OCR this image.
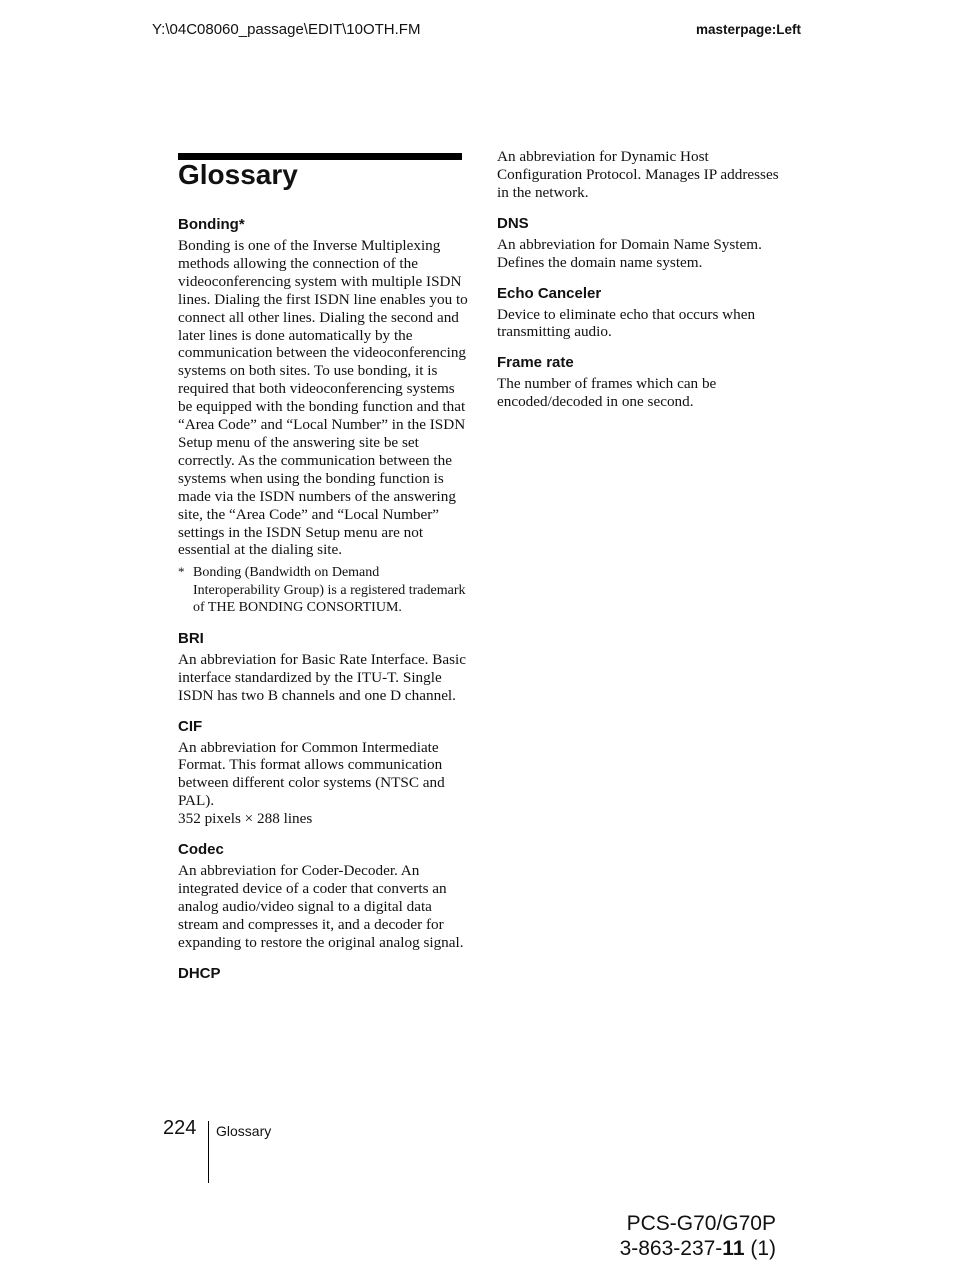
Y:\04C08060_passage\EDIT\10OTH.FM	masterpage:Left
Glossary
Bonding*

Bonding is one of the Inverse Multiplexing methods allowing the connection of the videoconferencing system with multiple ISDN lines. Dialing the first ISDN line enables you to connect all other lines. Dialing the second and later lines is done automatically by the communication between the videoconferencing systems on both sites. To use bonding, it is required that both videoconferencing systems be equipped with the bonding function and that “Area Code” and “Local Number” in the ISDN Setup menu of the answering site be set correctly. As the communication between the systems when using the bonding function is made via the ISDN numbers of the answering site, the “Area Code” and “Local Number” settings in the ISDN Setup menu are not essential at the dialing site.

* Bonding (Bandwidth on Demand Interoperability Group) is a registered trademark of THE BONDING CONSORTIUM.
BRI

An abbreviation for Basic Rate Interface. Basic interface standardized by the ITU-T. Single ISDN has two B channels and one D channel.

CIF

An abbreviation for Common Intermediate Format. This format allows communication between different color systems (NTSC and PAL).

352 pixels × 288 lines

Codec

An abbreviation for Coder-Decoder. An integrated device of a coder that converts an analog audio/video signal to a digital data stream and compresses it, and a decoder for expanding to restore the original analog signal.

DHCP

An abbreviation for Dynamic Host Configuration Protocol. Manages IP addresses in the network.

DNS

An abbreviation for Domain Name System. Defines the domain name system.

Echo Canceler

Device to eliminate echo that occurs when transmitting audio.

Frame rate

The number of frames which can be encoded/decoded in one second.

224 Glossary
PCS-G70/G70P
3-863-237-11 (1)
